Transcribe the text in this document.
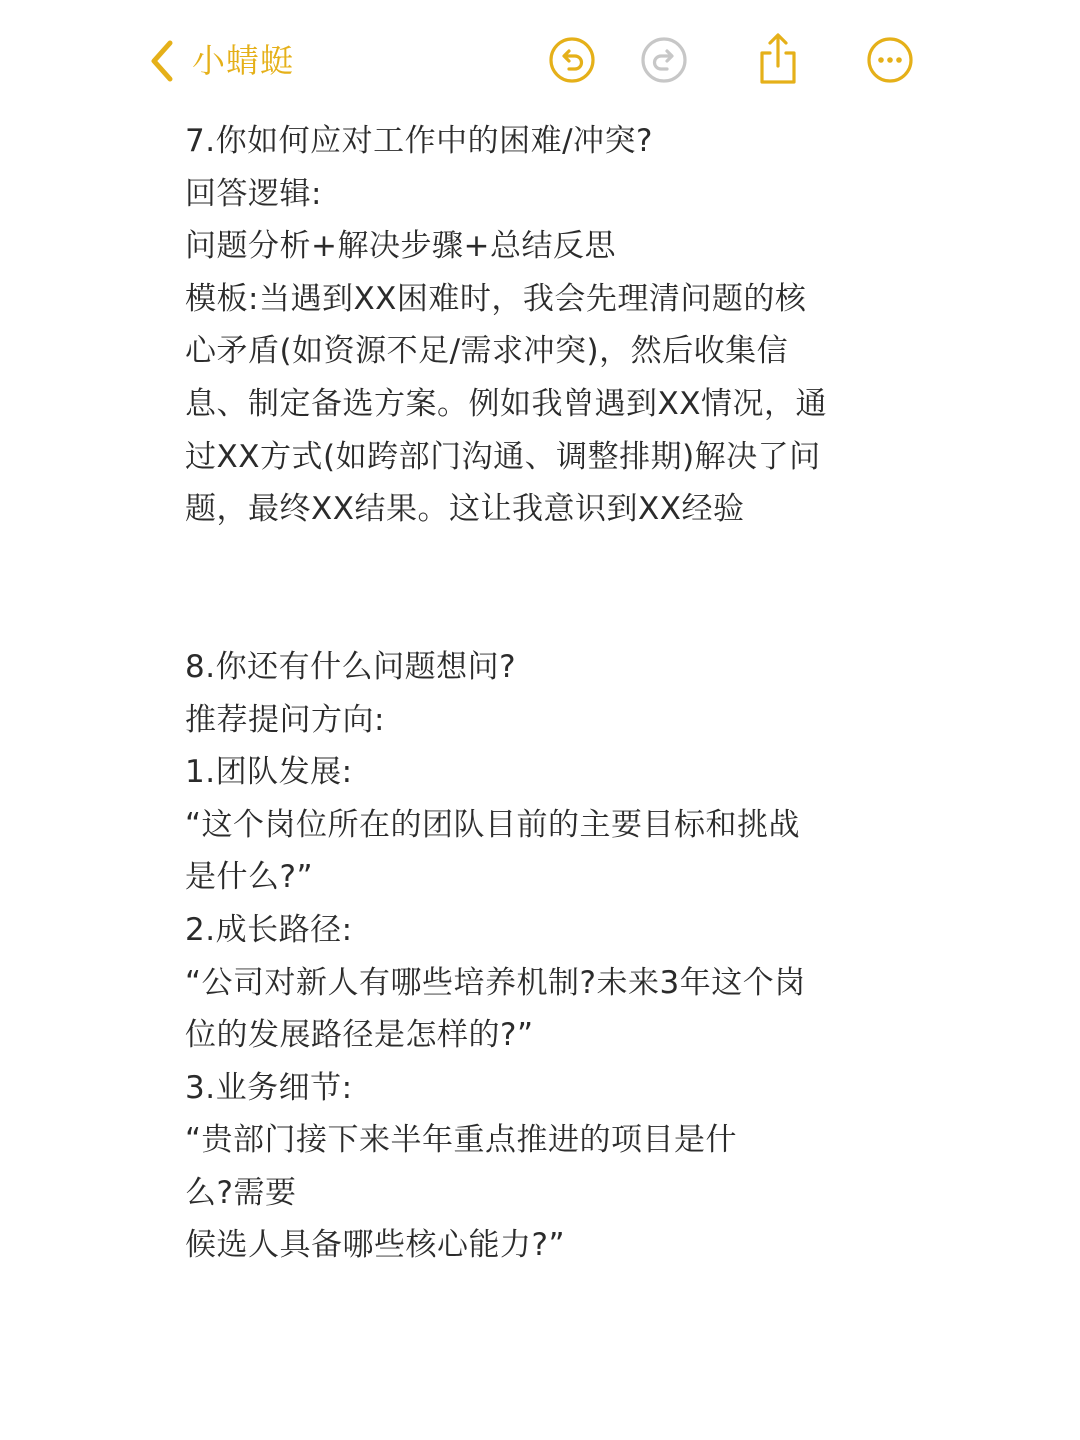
小蜻蜓
7.你如何应对工作中的困难/冲突?
回答逻辑:
问题分析+解决步骤+总结反思
模板:当遇到XX困难时，我会先理清问题的核
心矛盾(如资源不足/需求冲突)，然后收集信
息、制定备选方案。例如我曾遇到XX情况，通
过XX方式(如跨部门沟通、调整排期)解决了问
题，最终XX结果。这让我意识到XX经验
8.你还有什么问题想问?
推荐提问方向:
1.团队发展:
“这个岗位所在的团队目前的主要目标和挑战
是什么?”
2.成长路径:
“公司对新人有哪些培养机制?未来3年这个岗
位的发展路径是怎样的?”
3.业务细节:
“贵部门接下来半年重点推进的项目是什
么?需要
候选人具备哪些核心能力?”
